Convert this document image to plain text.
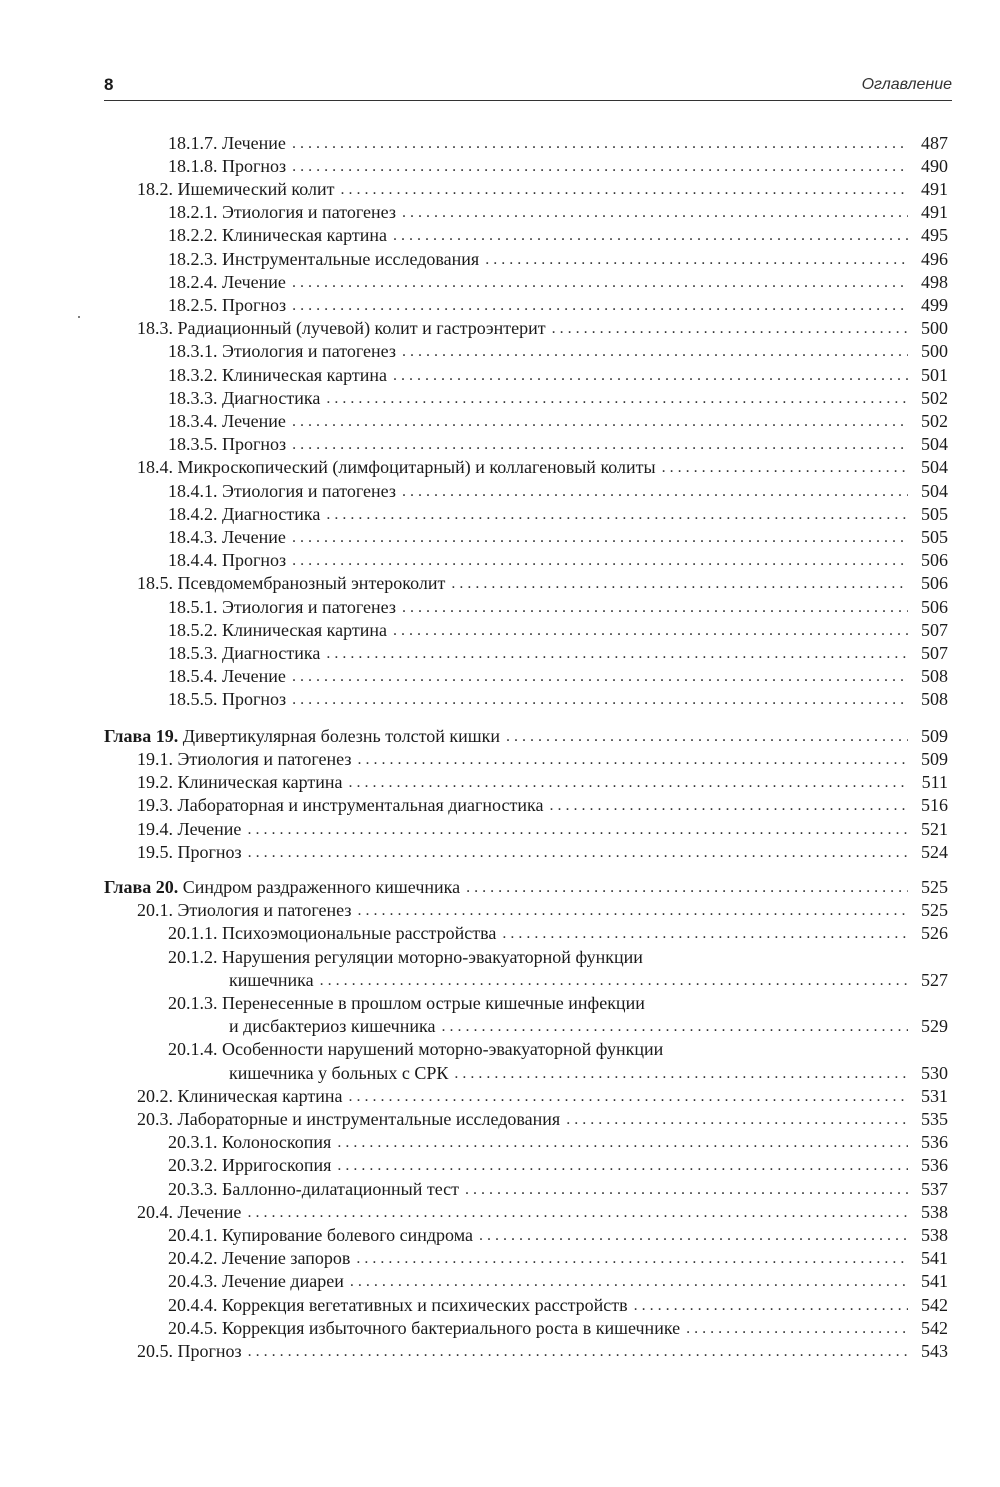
8	Оглавление
18.1.7. Лечение . . .	487
18.1.8. Прогноз . . .	490
18.2. Ишемический колит . . .	491
18.2.1. Этиология и патогенез . . .	491
18.2.2. Клиническая картина . . .	495
18.2.3. Инструментальные исследования . . .	496
18.2.4. Лечение . . .	498
18.2.5. Прогноз . . .	499
18.3. Радиационный (лучевой) колит и гастроэнтерит . . .	500
18.3.1. Этиология и патогенез . . .	500
18.3.2. Клиническая картина . . .	501
18.3.3. Диагностика . . .	502
18.3.4. Лечение . . .	502
18.3.5. Прогноз . . .	504
18.4. Микроскопический (лимфоцитарный) и коллагеновый колиты . . .	504
18.4.1. Этиология и патогенез . . .	504
18.4.2. Диагностика . . .	505
18.4.3. Лечение . . .	505
18.4.4. Прогноз . . .	506
18.5. Псевдомембранозный энтероколит . . .	506
18.5.1. Этиология и патогенез . . .	506
18.5.2. Клиническая картина . . .	507
18.5.3. Диагностика . . .	507
18.5.4. Лечение . . .	508
18.5.5. Прогноз . . .	508
Глава 19. Дивертикулярная болезнь толстой кишки . . .	509
19.1. Этиология и патогенез . . .	509
19.2. Клиническая картина . . .	511
19.3. Лабораторная и инструментальная диагностика . . .	516
19.4. Лечение . . .	521
19.5. Прогноз . . .	524
Глава 20. Синдром раздраженного кишечника . . .	525
20.1. Этиология и патогенез . . .	525
20.1.1. Психоэмоциональные расстройства . . .	526
20.1.2. Нарушения регуляции моторно-эвакуаторной функции
кишечника . . .	527
20.1.3. Перенесенные в прошлом острые кишечные инфекции
и дисбактериоз кишечника . . .	529
20.1.4. Особенности нарушений моторно-эвакуаторной функции
кишечника у больных с СРК . . .	530
20.2. Клиническая картина . . .	531
20.3. Лабораторные и инструментальные исследования . . .	535
20.3.1. Колоноскопия . . .	536
20.3.2. Ирригоскопия . . .	536
20.3.3. Баллонно-дилатационный тест . . .	537
20.4. Лечение . . .	538
20.4.1. Купирование болевого синдрома . . .	538
20.4.2. Лечение запоров . . .	541
20.4.3. Лечение диареи . . .	541
20.4.4. Коррекция вегетативных и психических расстройств . . .	542
20.4.5. Коррекция избыточного бактериального роста в кишечнике . . .	542
20.5. Прогноз . . .	543
